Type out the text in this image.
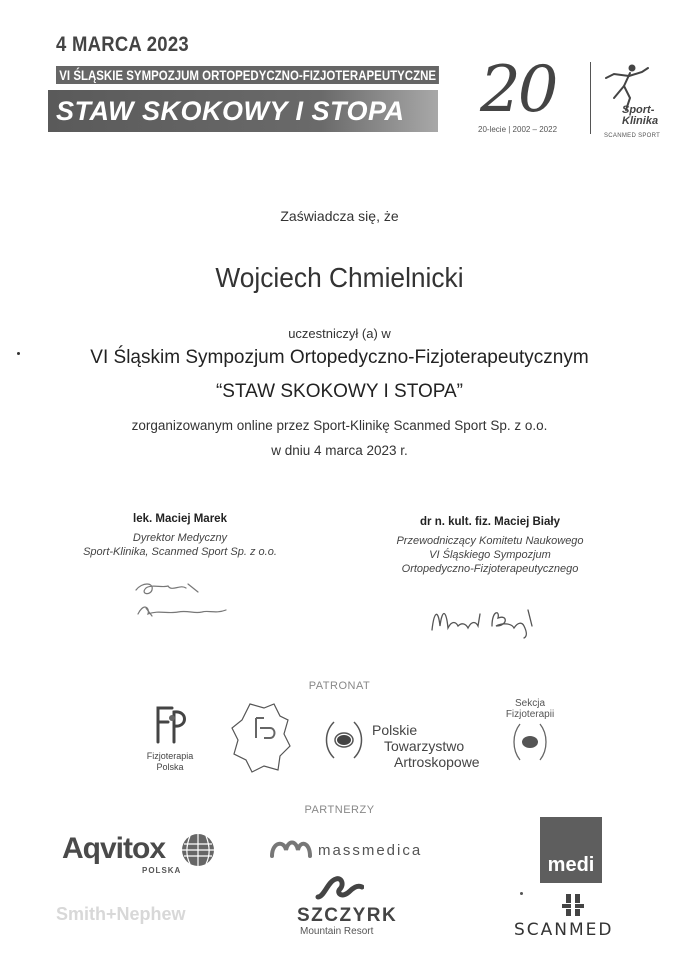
4 MARCA 2023
VI ŚLĄSKIE SYMPOZJUM ORTOPEDYCZNO-FIZJOTERAPEUTYCZNE
STAW SKOKOWY I STOPA 20
20-lecie | 2002 – 2022
Sport-Klinika
SCANMED SPORT
Zaświadcza się, że
Wojciech Chmielnicki
uczestniczył (a) w
VI Śląskim Sympozjum Ortopedyczno-Fizjoterapeutycznym
“STAW SKOKOWY I STOPA”
zorganizowanym online przez Sport-Klinikę Scanmed Sport Sp. z o.o.
w dniu 4 marca 2023 r.
lek. Maciej Marek
Dyrektor Medyczny
Sport-Klinika, Scanmed Sport Sp. z o.o.
dr n. kult. fiz. Maciej Biały
Przewodniczący Komitetu Naukowego
VI Śląskiego Sympozjum
Ortopedyczno-Fizjoterapeutycznego
PATRONAT
Fizjoterapia
Polska
Polskie
Towarzystwo
Artroskopowe
Sekcja
Fizjoterapii
PARTNERZY
Aqvitox
POLSKA
massmedica
medi
Smith+Nephew	SZCZYRK
Mountain Resort	SCANMED
